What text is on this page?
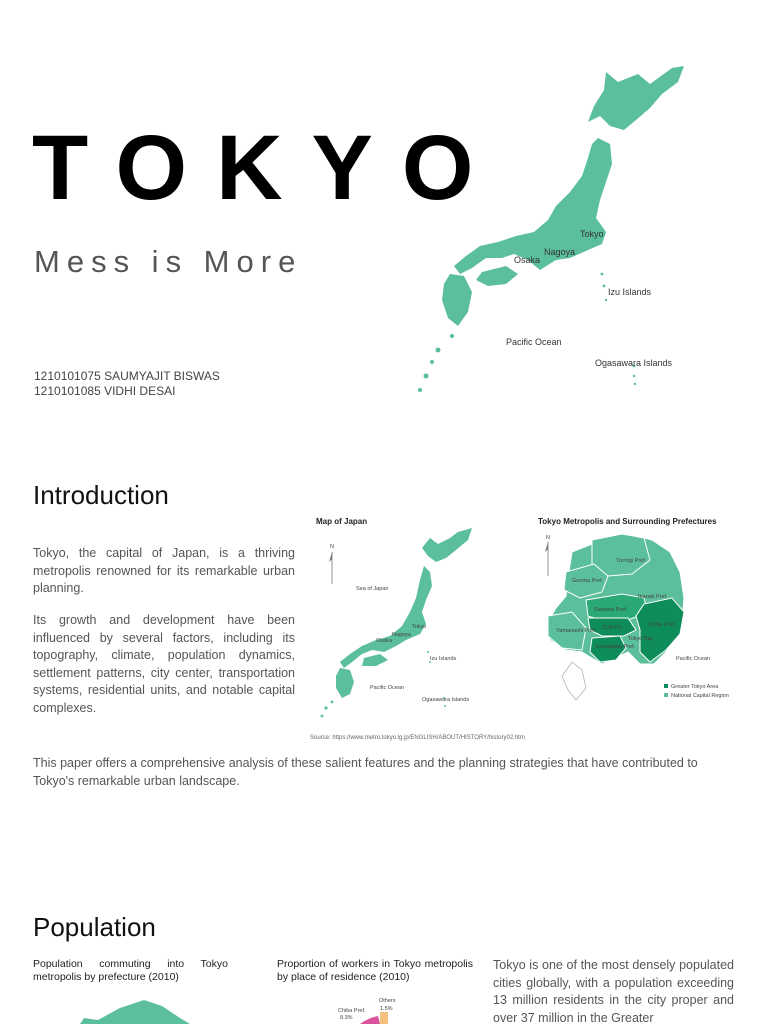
TOKYO

Mess is More

1210101075 SAUMYAJIT BISWAS
1210101085 VIDHI DESAI
Tokyo
Nagoya
Osaka
Izu Islands
Pacific Ocean
Ogasawara Islands
Introduction

Tokyo, the capital of Japan, is a thriving metropolis renowned for its remarkable urban planning.

Its growth and development have been influenced by several factors, including its topography, climate, population dynamics, settlement patterns, city center, transportation systems, residential units, and notable capital complexes.

Map of Japan
N
Sea of Japan
Tokyo
Nagoya
Osaka
Izu Islands
Pacific Ocean
Ogasawara Islands
Tokyo Metropolis and Surrounding Prefectures
N
Tochigi Pref.
Gunma Pref.
Ibaraki Pref.
Saitama Pref.
Yamanashi Pref.
Chiba Pref.
TOKYO
Tokyo Bay
Kanagawa Pref.
Pacific Ocean
Greater Tokyo Area
National Capital Region
Source: https://www.metro.tokyo.lg.jp/ENGLISH/ABOUT/HISTORY/history02.htm

This paper offers a comprehensive analysis of these salient features and the planning strategies that have contributed to Tokyo's remarkable urban landscape.

Population

Population commuting into Tokyo metropolis by prefecture (2010)

Proportion of workers in Tokyo metropolis by place of residence (2010)

Chiba Pref.
8.3%
Others
1.5%

Tokyo is one of the most densely populated cities globally, with a population exceeding 13 million residents in the city proper and over 37 million in the Greater
